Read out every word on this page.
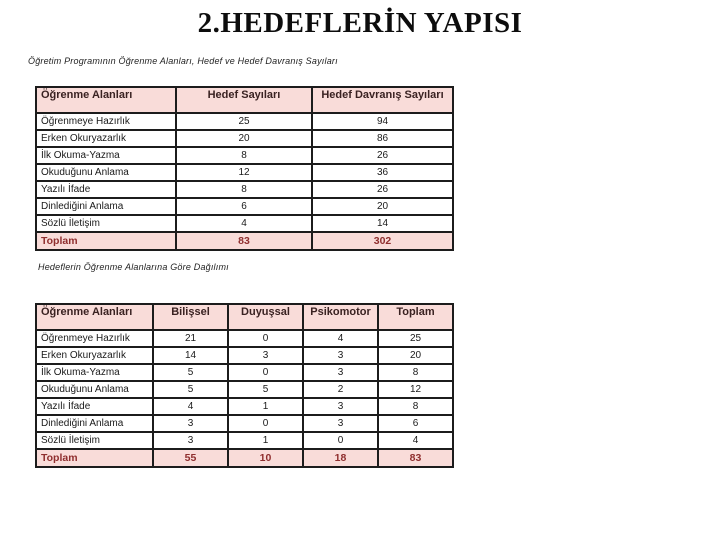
2.HEDEFLERİN YAPISI
Öğretim Programının Öğrenme Alanları, Hedef ve Hedef Davranış Sayıları
Öğrenme Alanları	Hedef Sayıları	Hedef Davranış Sayıları
Öğrenmeye Hazırlık	25	94
Erken Okuryazarlık	20	86
İlk Okuma-Yazma	8	26
Okuduğunu Anlama	12	36
Yazılı İfade	8	26
Dinlediğini Anlama	6	20
Sözlü İletişim	4	14
Toplam	83	302
Hedeflerin Öğrenme Alanlarına Göre Dağılımı
Öğrenme Alanları	Bilişsel	Duyuşsal	Psikomotor	Toplam
Öğrenmeye Hazırlık	21	0	4	25
Erken Okuryazarlık	14	3	3	20
İlk Okuma-Yazma	5	0	3	8
Okuduğunu Anlama	5	5	2	12
Yazılı İfade	4	1	3	8
Dinlediğini Anlama	3	0	3	6
Sözlü İletişim	3	1	0	4
Toplam	55	10	18	83
